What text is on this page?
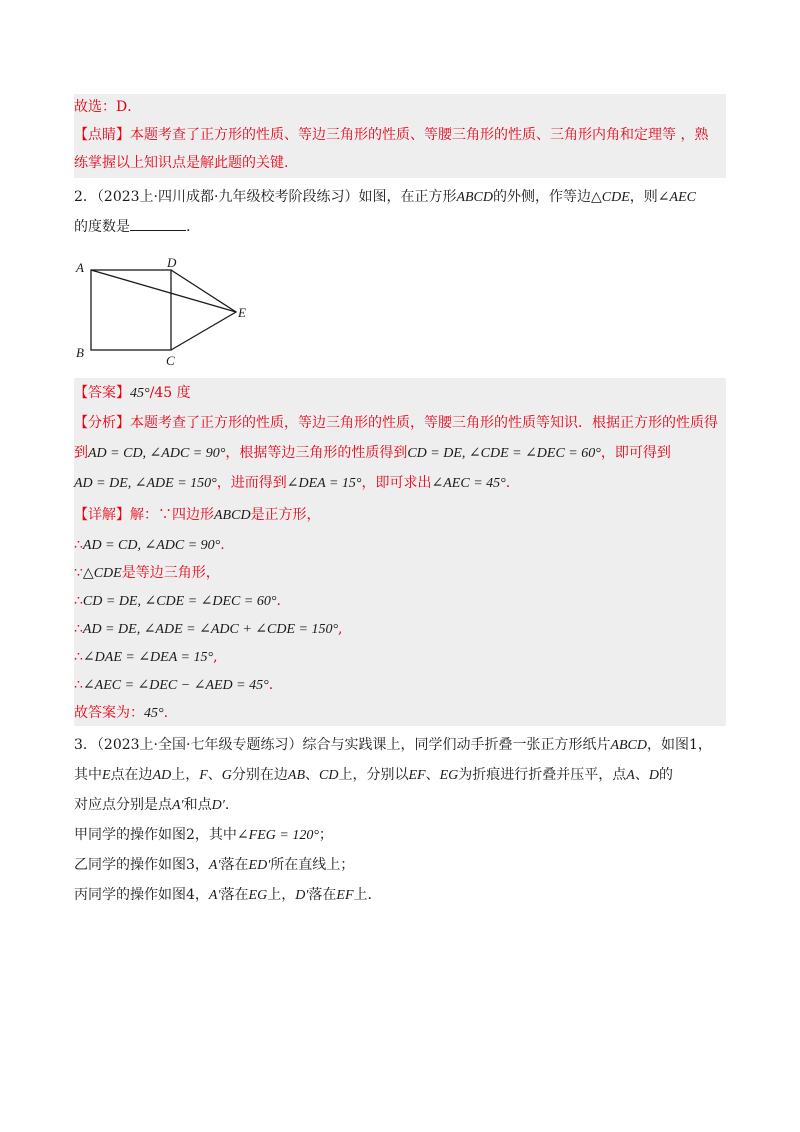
故选：D．
【点睛】本题考查了正方形的性质、等边三角形的性质、等腰三角形的性质、三角形内角和定理等 ，熟
练掌握以上知识点是解此题的关键.
2．（2023上·四川成都·九年级校考阶段练习）如图，在正方形ABCD的外侧，作等边△CDE，则∠AEC
的度数是	.
A
B
C
D
E
【答案】45°/45 度
【分析】本题考查了正方形的性质，等边三角形的性质，等腰三角形的性质等知识．根据正方形的性质得
到AD = CD, ∠ADC = 90°，根据等边三角形的性质得到CD = DE, ∠CDE = ∠DEC = 60°，即可得到
AD = DE, ∠ADE = 150°，进而得到∠DEA = 15°，即可求出∠AEC = 45°.
【详解】解：∵四边形ABCD是正方形，
∴AD = CD, ∠ADC = 90°.
∵△CDE是等边三角形，
∴CD = DE, ∠CDE = ∠DEC = 60°.
∴AD = DE, ∠ADE = ∠ADC + ∠CDE = 150°,
∴∠DAE = ∠DEA = 15°,
∴∠AEC = ∠DEC − ∠AED = 45°.
故答案为：45°.
3．（2023上·全国·七年级专题练习）综合与实践课上，同学们动手折叠一张正方形纸片ABCD，如图1，
其中E点在边AD上，F、G分别在边AB、CD上，分别以EF、EG为折痕进行折叠并压平，点A、D的
对应点分别是点A′和点D′.
甲同学的操作如图2，其中∠FEG = 120°；
乙同学的操作如图3，A′落在ED′所在直线上；
丙同学的操作如图4，A′落在EG上，D′落在EF上.
